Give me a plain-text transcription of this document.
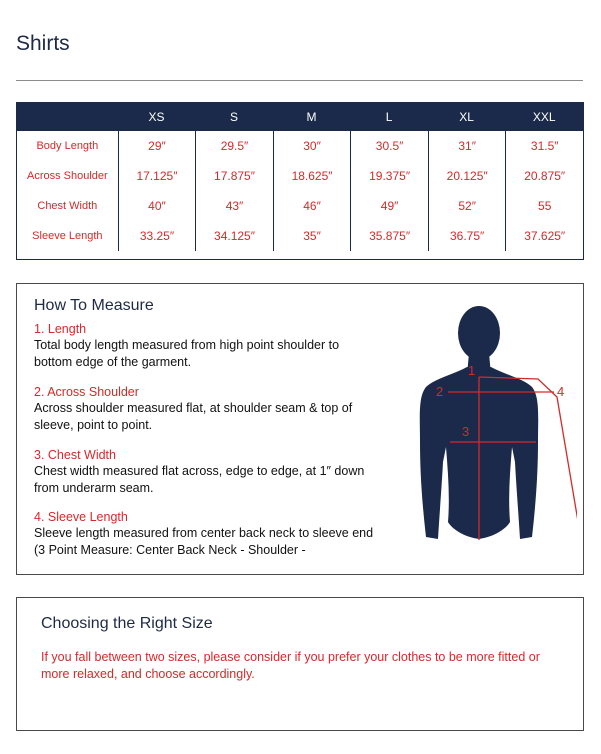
Shirts
XS	S	M	L	XL	XXL
Body Length	29″	29.5″	30″	30.5″	31″	31.5″
Across Shoulder	17.125″	17.875″	18.625″	19.375″	20.125″	20.875″
Chest Width	40″	43″	46″	49″	52″	55
Sleeve Length	33.25″	34.125″	35″	35.875″	36.75″	37.625″
How To Measure
1. Length
Total body length measured from high point shoulder to bottom edge of the garment.
2. Across Shoulder
Across shoulder measured flat, at shoulder seam & top of sleeve, point to point.
3. Chest Width
Chest width measured flat across, edge to edge, at 1″ down from underarm seam.
4. Sleeve Length
Sleeve length measured from center back neck to sleeve end (3 Point Measure: Center Back Neck - Shoulder -
1
2
3
4
Choosing the Right Size
If you fall between two sizes, please consider if you prefer your clothes to be more fitted or more relaxed, and choose accordingly.
